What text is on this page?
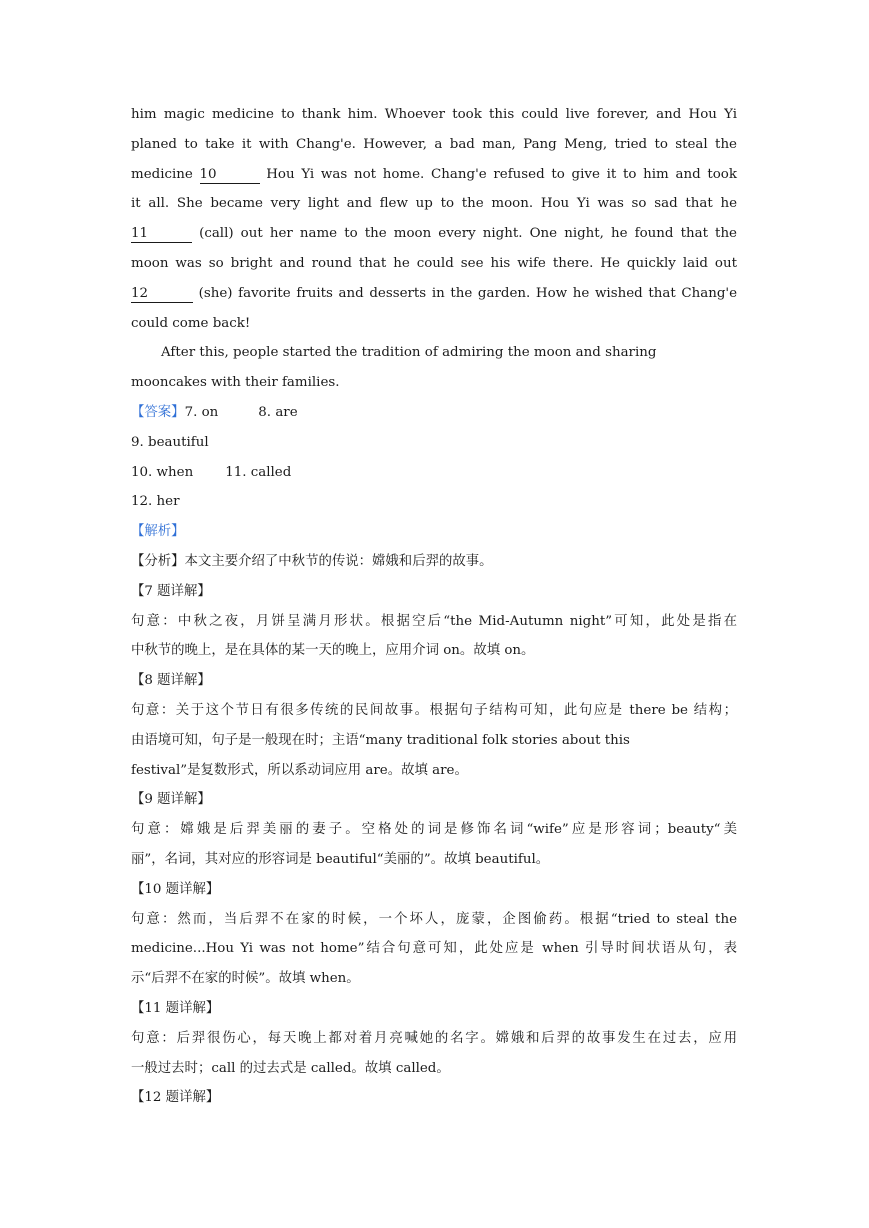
him magic medicine to thank him. Whoever took this could live forever, and Hou Yi
planed to take it with Chang'e. However, a bad man, Pang Meng, tried to steal the
medicine 10	Hou Yi was not home. Chang'e refused to give it to him and took
it all. She became very light and flew up to the moon. Hou Yi was so sad that he
11	(call) out her name to the moon every night. One night, he found that the
moon was so bright and round that he could see his wife there. He quickly laid out
12	(she) favorite fruits and desserts in the garden. How he wished that Chang'e
could come back!
After this, people started the tradition of admiring the moon and sharing
mooncakes with their families.
【答案】7. on	8. are
9. beautiful
10. when 11. called
12. her
【解析】
【分析】本文主要介绍了中秋节的传说：嫦娥和后羿的故事。
【7 题详解】
句意：中秋之夜，月饼呈满月形状。根据空后“the Mid-Autumn night”可知，此处是指在
中秋节的晚上，是在具体的某一天的晚上，应用介词 on。故填 on。
【8 题详解】
句意：关于这个节日有很多传统的民间故事。根据句子结构可知，此句应是 there be 结构；
由语境可知，句子是一般现在时；主语“many traditional folk stories about this
festival”是复数形式，所以系动词应用 are。故填 are。
【9 题详解】
句意：嫦娥是后羿美丽的妻子。空格处的词是修饰名词“wife”应是形容词；beauty“美
丽”，名词，其对应的形容词是 beautiful“美丽的”。故填 beautiful。
【10 题详解】
句意：然而，当后羿不在家的时候，一个坏人，庞蒙，企图偷药。根据“tried to steal the
medicine...Hou Yi was not home”结合句意可知，此处应是 when 引导时间状语从句，表
示“后羿不在家的时候”。故填 when。
【11 题详解】
句意：后羿很伤心，每天晚上都对着月亮喊她的名字。嫦娥和后羿的故事发生在过去，应用
一般过去时；call 的过去式是 called。故填 called。
【12 题详解】
